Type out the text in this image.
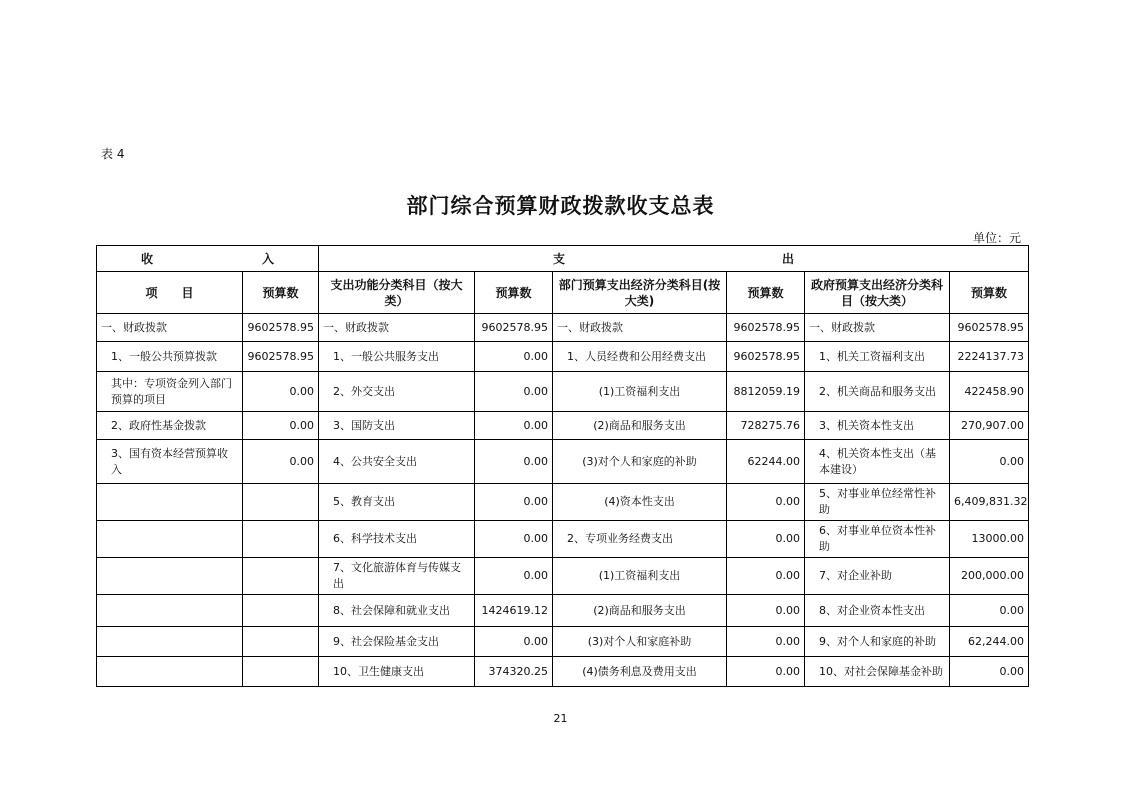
表 4
部门综合预算财政拨款收支总表
单位：元
收 入		支 出					

项　　目	预算数	支出功能分类科目（按大类）	预算数	部门预算支出经济分类科目(按大类)	预算数	政府预算支出经济分类科目（按大类）	预算数
一、财政拨款	9602578.95	一、财政拨款	9602578.95	一、财政拨款	9602578.95	一、财政拨款	9602578.95
1、一般公共预算拨款	9602578.95	1、一般公共服务支出	0.00	1、人员经费和公用经费支出	9602578.95	1、机关工资福利支出	2224137.73
其中：专项资金列入部门预算的项目	0.00	2、外交支出	0.00	(1)工资福利支出	8812059.19	2、机关商品和服务支出	422458.90
2、政府性基金拨款	0.00	3、国防支出	0.00	(2)商品和服务支出	728275.76	3、机关资本性支出	270,907.00
3、国有资本经营预算收入	0.00	4、公共安全支出	0.00	(3)对个人和家庭的补助	62244.00	4、机关资本性支出（基本建设）	0.00
		5、教育支出	0.00	(4)资本性支出	0.00	5、对事业单位经常性补助	6,409,831.32
		6、科学技术支出	0.00	2、专项业务经费支出	0.00	6、对事业单位资本性补助	13000.00
		7、文化旅游体育与传媒支出	0.00	(1)工资福利支出	0.00	7、对企业补助	200,000.00
		8、社会保障和就业支出	1424619.12	(2)商品和服务支出	0.00	8、对企业资本性支出	0.00
		9、社会保险基金支出	0.00	(3)对个人和家庭补助	0.00	9、对个人和家庭的补助	62,244.00
		10、卫生健康支出	374320.25	(4)债务利息及费用支出	0.00	10、对社会保障基金补助	0.00
21
